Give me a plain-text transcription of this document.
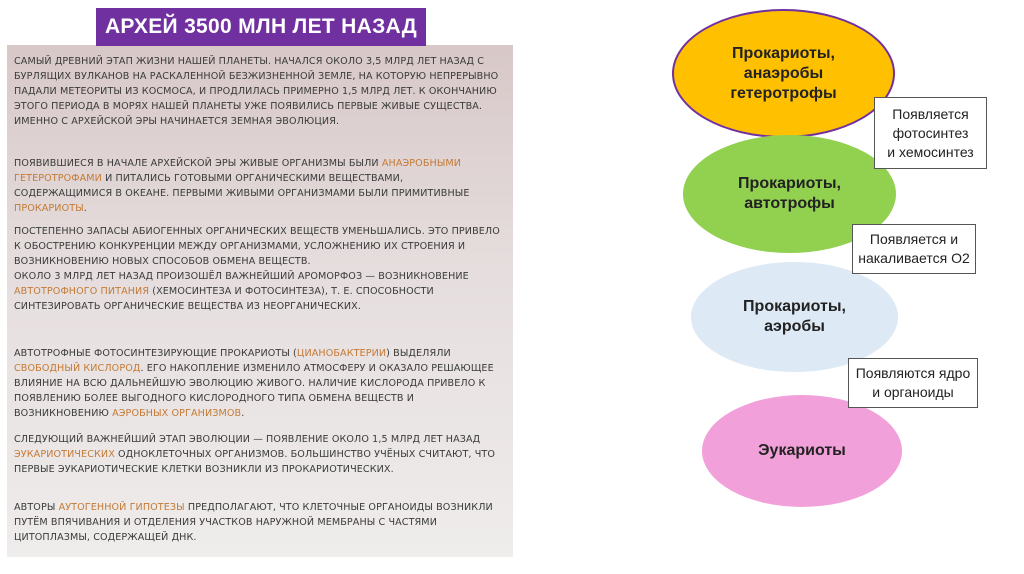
АРХЕЙ 3500 МЛН ЛЕТ НАЗАД
САМЫЙ ДРЕВНИЙ ЭТАП ЖИЗНИ НАШЕЙ ПЛАНЕТЫ. НАЧАЛСЯ ОКОЛО 3,5 МЛРД ЛЕТ НАЗАД С БУРЛЯЩИХ ВУЛКАНОВ НА РАСКАЛЕННОЙ БЕЗЖИЗНЕННОЙ ЗЕМЛЕ, НА КОТОРУЮ НЕПРЕРЫВНО ПАДАЛИ МЕТЕОРИТЫ ИЗ КОСМОСА, И ПРОДЛИЛАСЬ ПРИМЕРНО 1,5 МЛРД ЛЕТ. К ОКОНЧАНИЮ ЭТОГО ПЕРИОДА В МОРЯХ НАШЕЙ ПЛАНЕТЫ УЖЕ ПОЯВИЛИСЬ ПЕРВЫЕ ЖИВЫЕ СУЩЕСТВА. ИМЕННО С АРХЕЙСКОЙ ЭРЫ НАЧИНАЕТСЯ ЗЕМНАЯ ЭВОЛЮЦИЯ.
ПОЯВИВШИЕСЯ В НАЧАЛЕ АРХЕЙСКОЙ ЭРЫ ЖИВЫЕ ОРГАНИЗМЫ БЫЛИ АНАЭРОБНЫМИ ГЕТЕРОТРОФАМИ И ПИТАЛИСЬ ГОТОВЫМИ ОРГАНИЧЕСКИМИ ВЕЩЕСТВАМИ, СОДЕРЖАЩИМИСЯ В ОКЕАНЕ. ПЕРВЫМИ ЖИВЫМИ ОРГАНИЗМАМИ БЫЛИ ПРИМИТИВНЫЕ ПРОКАРИОТЫ.
ПОСТЕПЕННО ЗАПАСЫ АБИОГЕННЫХ ОРГАНИЧЕСКИХ ВЕЩЕСТВ УМЕНЬШАЛИСЬ. ЭТО ПРИВЕЛО К ОБОСТРЕНИЮ КОНКУРЕНЦИИ МЕЖДУ ОРГАНИЗМАМИ, УСЛОЖНЕНИЮ ИХ СТРОЕНИЯ И ВОЗНИКНОВЕНИЮ НОВЫХ СПОСОБОВ ОБМЕНА ВЕЩЕСТВ.
ОКОЛО 3 МЛРД ЛЕТ НАЗАД ПРОИЗОШЁЛ ВАЖНЕЙШИЙ АРОМОРФОЗ — ВОЗНИКНОВЕНИЕ АВТОТРОФНОГО ПИТАНИЯ (ХЕМОСИНТЕЗА И ФОТОСИНТЕЗА), Т. Е. СПОСОБНОСТИ СИНТЕЗИРОВАТЬ ОРГАНИЧЕСКИЕ ВЕЩЕСТВА ИЗ НЕОРГАНИЧЕСКИХ.
АВТОТРОФНЫЕ ФОТОСИНТЕЗИРУЮЩИЕ ПРОКАРИОТЫ (ЦИАНОБАКТЕРИИ) ВЫДЕЛЯЛИ СВОБОДНЫЙ КИСЛОРОД. ЕГО НАКОПЛЕНИЕ ИЗМЕНИЛО АТМОСФЕРУ И ОКАЗАЛО РЕШАЮЩЕЕ ВЛИЯНИЕ НА ВСЮ ДАЛЬНЕЙШУЮ ЭВОЛЮЦИЮ ЖИВОГО. НАЛИЧИЕ КИСЛОРОДА ПРИВЕЛО К ПОЯВЛЕНИЮ БОЛЕЕ ВЫГОДНОГО КИСЛОРОДНОГО ТИПА ОБМЕНА ВЕЩЕСТВ И ВОЗНИКНОВЕНИЮ АЭРОБНЫХ ОРГАНИЗМОВ.
СЛЕДУЮЩИЙ ВАЖНЕЙШИЙ ЭТАП ЭВОЛЮЦИИ — ПОЯВЛЕНИЕ ОКОЛО 1,5 МЛРД ЛЕТ НАЗАД ЭУКАРИОТИЧЕСКИХ ОДНОКЛЕТОЧНЫХ ОРГАНИЗМОВ. БОЛЬШИНСТВО УЧЁНЫХ СЧИТАЮТ, ЧТО ПЕРВЫЕ ЭУКАРИОТИЧЕСКИЕ КЛЕТКИ ВОЗНИКЛИ ИЗ ПРОКАРИОТИЧЕСКИХ.
АВТОРЫ АУТОГЕННОЙ ГИПОТЕЗЫ ПРЕДПОЛАГАЮТ, ЧТО КЛЕТОЧНЫЕ ОРГАНОИДЫ ВОЗНИКЛИ ПУТЁМ ВПЯЧИВАНИЯ И ОТДЕЛЕНИЯ УЧАСТКОВ НАРУЖНОЙ МЕМБРАНЫ С ЧАСТЯМИ ЦИТОПЛАЗМЫ, СОДЕРЖАЩЕЙ ДНК.
Прокариоты,
анаэробы
гетеротрофы
Прокариоты,
автотрофы
Прокариоты,
аэробы
Эукариоты
Появляется
фотосинтез
и хемосинтез
Появляется и
накаливается О2
Появляются ядро
и органоиды
